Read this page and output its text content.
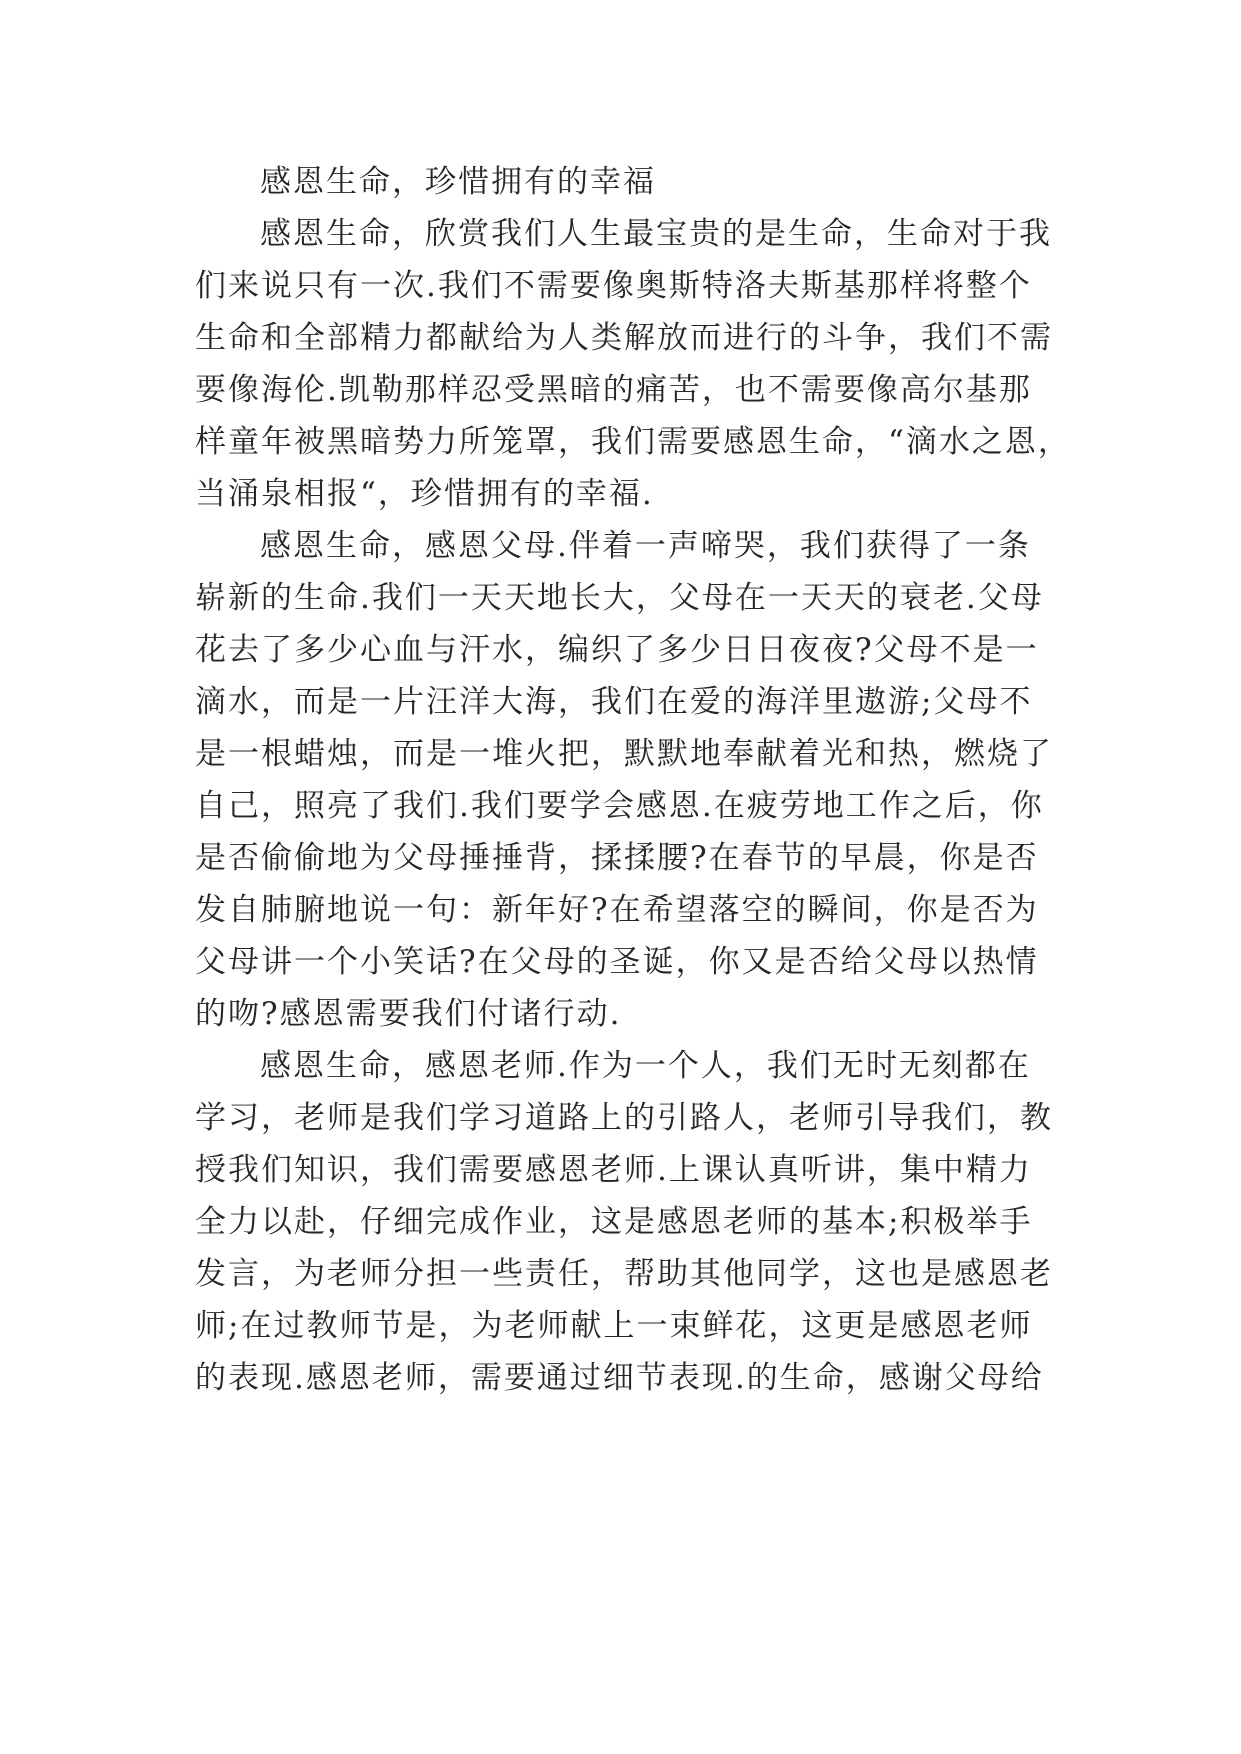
感恩生命，珍惜拥有的幸福
感恩生命，欣赏我们人生最宝贵的是生命，生命对于我
们来说只有一次.我们不需要像奥斯特洛夫斯基那样将整个
生命和全部精力都献给为人类解放而进行的斗争，我们不需
要像海伦.凯勒那样忍受黑暗的痛苦，也不需要像高尔基那
样童年被黑暗势力所笼罩，我们需要感恩生命，“滴水之恩，
当涌泉相报“，珍惜拥有的幸福.
感恩生命，感恩父母.伴着一声啼哭，我们获得了一条
崭新的生命.我们一天天地长大，父母在一天天的衰老.父母
花去了多少心血与汗水，编织了多少日日夜夜?父母不是一
滴水，而是一片汪洋大海，我们在爱的海洋里遨游;父母不
是一根蜡烛，而是一堆火把，默默地奉献着光和热，燃烧了
自己，照亮了我们.我们要学会感恩.在疲劳地工作之后，你
是否偷偷地为父母捶捶背，揉揉腰?在春节的早晨，你是否
发自肺腑地说一句：新年好?在希望落空的瞬间，你是否为
父母讲一个小笑话?在父母的圣诞，你又是否给父母以热情
的吻?感恩需要我们付诸行动.
感恩生命，感恩老师.作为一个人，我们无时无刻都在
学习，老师是我们学习道路上的引路人，老师引导我们，教
授我们知识，我们需要感恩老师.上课认真听讲，集中精力
全力以赴，仔细完成作业，这是感恩老师的基本;积极举手
发言，为老师分担一些责任，帮助其他同学，这也是感恩老
师;在过教师节是，为老师献上一束鲜花，这更是感恩老师
的表现.感恩老师，需要通过细节表现.的生命，感谢父母给
